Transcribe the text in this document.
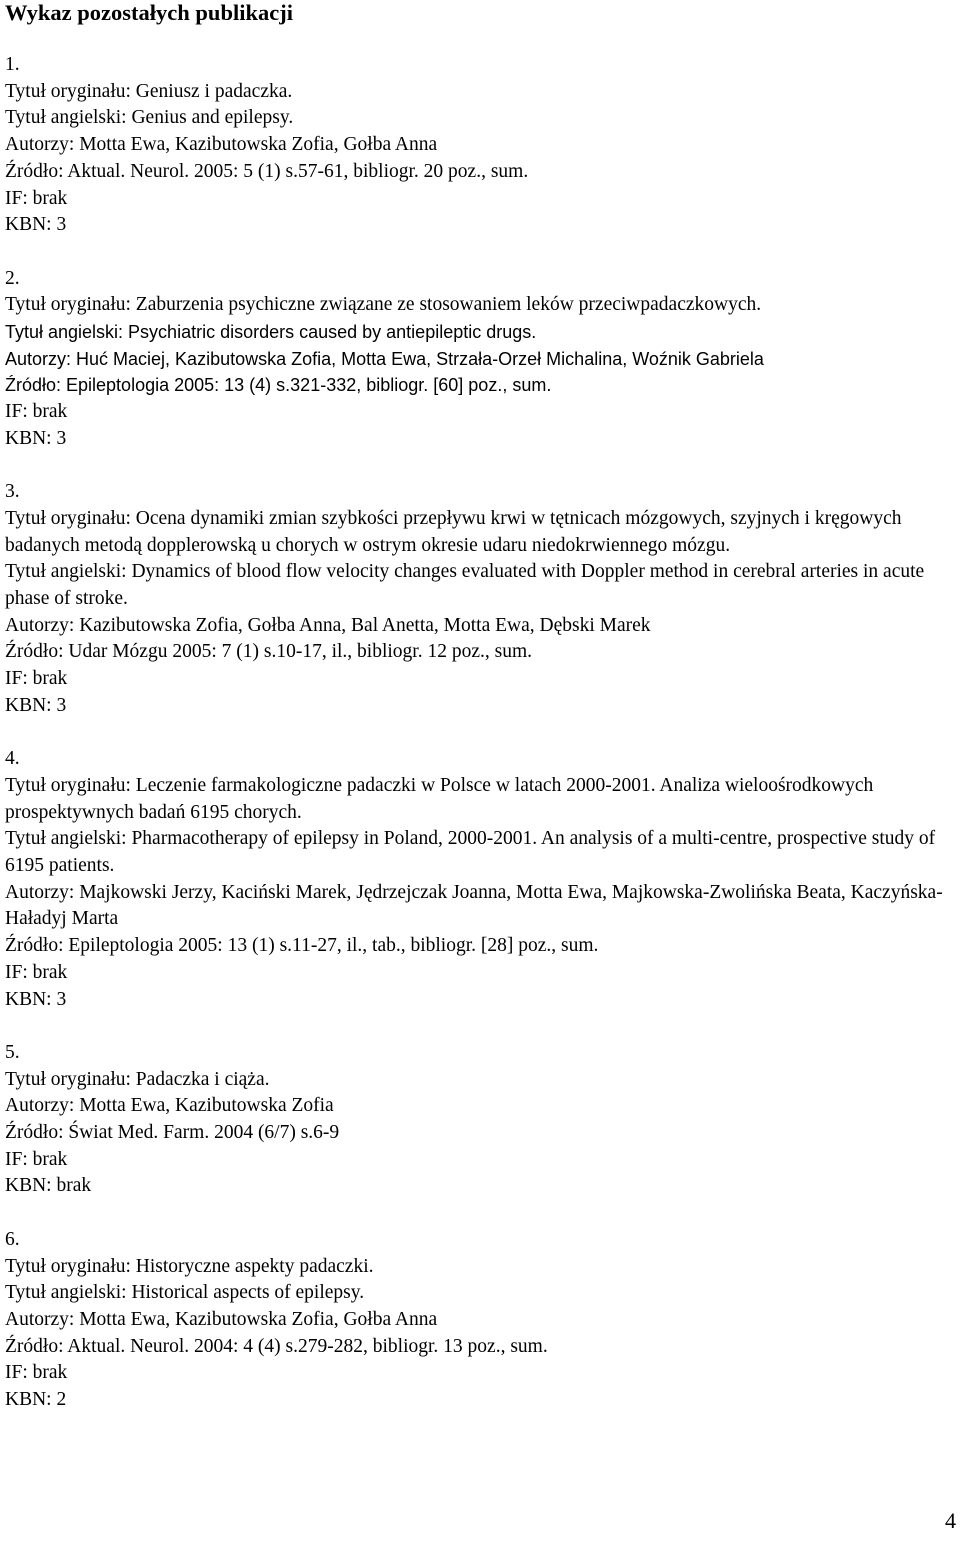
Wykaz pozostałych publikacji
1.
Tytuł oryginału: Geniusz i padaczka.
Tytuł angielski: Genius and epilepsy.
Autorzy: Motta Ewa, Kazibutowska Zofia, Gołba Anna
Źródło: Aktual. Neurol. 2005: 5 (1) s.57-61, bibliogr. 20 poz., sum.
IF: brak
KBN: 3
2.
Tytuł oryginału: Zaburzenia psychiczne związane ze stosowaniem leków przeciwpadaczkowych.
Tytuł angielski: Psychiatric disorders caused by antiepileptic drugs.
Autorzy: Huć Maciej, Kazibutowska Zofia, Motta Ewa, Strzała-Orzeł Michalina, Woźnik Gabriela
Źródło: Epileptologia 2005: 13 (4) s.321-332, bibliogr. [60] poz., sum.
IF: brak
KBN: 3
3.
Tytuł oryginału: Ocena dynamiki zmian szybkości przepływu krwi w tętnicach mózgowych, szyjnych i kręgowych badanych metodą dopplerowską u chorych w ostrym okresie udaru niedokrwiennego mózgu.
Tytuł angielski: Dynamics of blood flow velocity changes evaluated with Doppler method in cerebral arteries in acute phase of stroke.
Autorzy: Kazibutowska Zofia, Gołba Anna, Bal Anetta, Motta Ewa, Dębski Marek
Źródło: Udar Mózgu 2005: 7 (1) s.10-17, il., bibliogr. 12 poz., sum.
IF: brak
KBN: 3
4.
Tytuł oryginału: Leczenie farmakologiczne padaczki w Polsce w latach 2000-2001. Analiza wieloośrodkowych prospektywnych badań 6195 chorych.
Tytuł angielski: Pharmacotherapy of epilepsy in Poland, 2000-2001. An analysis of a multi-centre, prospective study of 6195 patients.
Autorzy: Majkowski Jerzy, Kaciński Marek, Jędrzejczak Joanna, Motta Ewa, Majkowska-Zwolińska Beata, Kaczyńska-Haładyj Marta
Źródło: Epileptologia 2005: 13 (1) s.11-27, il., tab., bibliogr. [28] poz., sum.
IF: brak
KBN: 3
5.
Tytuł oryginału: Padaczka i ciąża.
Autorzy: Motta Ewa, Kazibutowska Zofia
Źródło: Świat Med. Farm. 2004 (6/7) s.6-9
IF: brak
KBN: brak
6.
Tytuł oryginału: Historyczne aspekty padaczki.
Tytuł angielski: Historical aspects of epilepsy.
Autorzy: Motta Ewa, Kazibutowska Zofia, Gołba Anna
Źródło: Aktual. Neurol. 2004: 4 (4) s.279-282, bibliogr. 13 poz., sum.
IF: brak
KBN: 2
4
